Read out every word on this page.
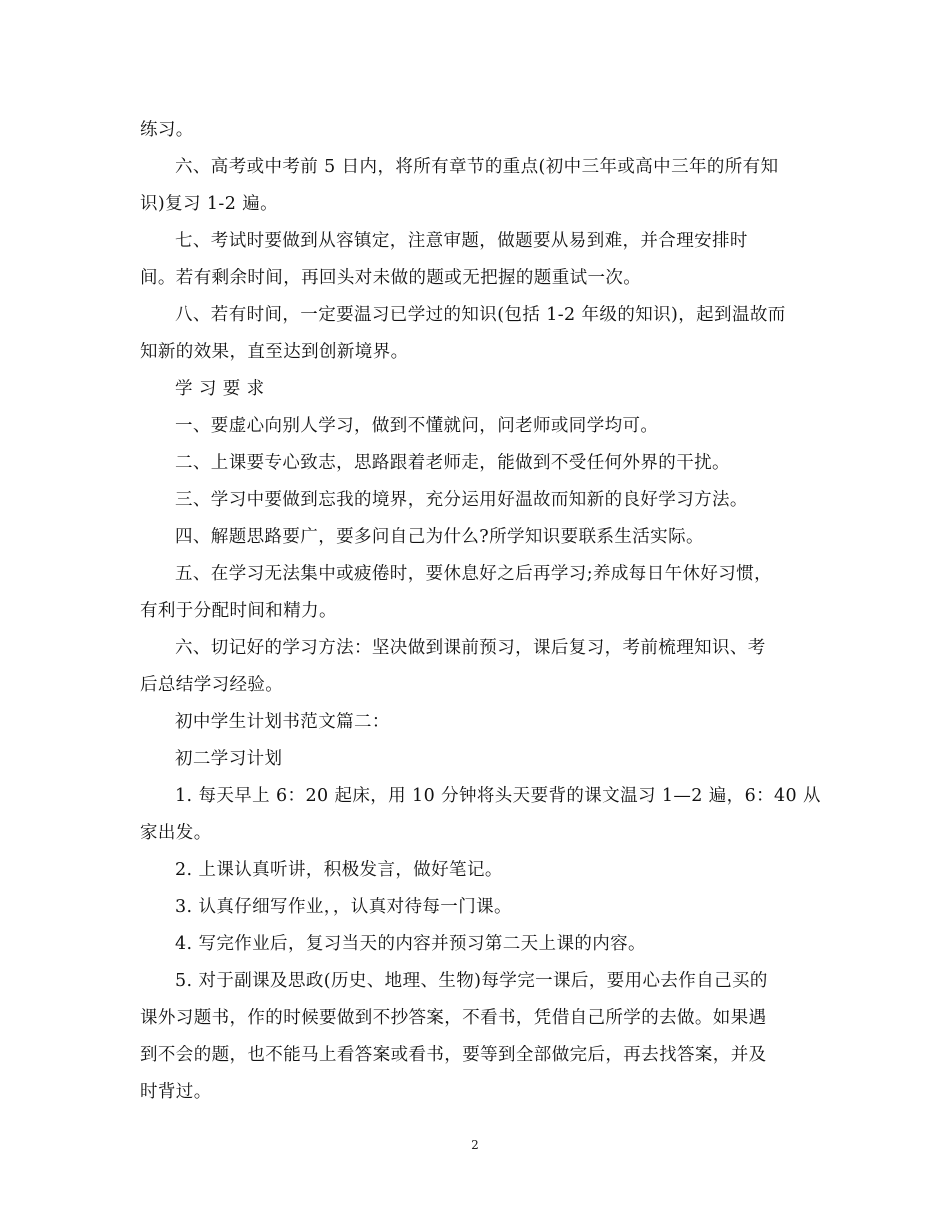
练习。
六、高考或中考前 5 日内，将所有章节的重点(初中三年或高中三年的所有知
识)复习 1-2 遍。
七、考试时要做到从容镇定，注意审题，做题要从易到难，并合理安排时
间。若有剩余时间，再回头对未做的题或无把握的题重试一次。
八、若有时间，一定要温习已学过的知识(包括 1-2 年级的知识)，起到温故而
知新的效果，直至达到创新境界。
学 习 要 求
一、要虚心向别人学习，做到不懂就问，问老师或同学均可。
二、上课要专心致志，思路跟着老师走，能做到不受任何外界的干扰。
三、学习中要做到忘我的境界，充分运用好温故而知新的良好学习方法。
四、解题思路要广，要多问自己为什么?所学知识要联系生活实际。
五、在学习无法集中或疲倦时，要休息好之后再学习;养成每日午休好习惯，
有利于分配时间和精力。
六、切记好的学习方法：坚决做到课前预习，课后复习，考前梳理知识、考
后总结学习经验。
初中学生计划书范文篇二：
初二学习计划
1. 每天早上 6：20 起床，用 10 分钟将头天要背的课文温习 1—2 遍，6：40 从
家出发。
2. 上课认真听讲，积极发言，做好笔记。
3. 认真仔细写作业，，认真对待每一门课。
4. 写完作业后，复习当天的内容并预习第二天上课的内容。
5. 对于副课及思政(历史、地理、生物)每学完一课后，要用心去作自己买的
课外习题书，作的时候要做到不抄答案，不看书，凭借自己所学的去做。如果遇
到不会的题，也不能马上看答案或看书，要等到全部做完后，再去找答案，并及
时背过。
2
